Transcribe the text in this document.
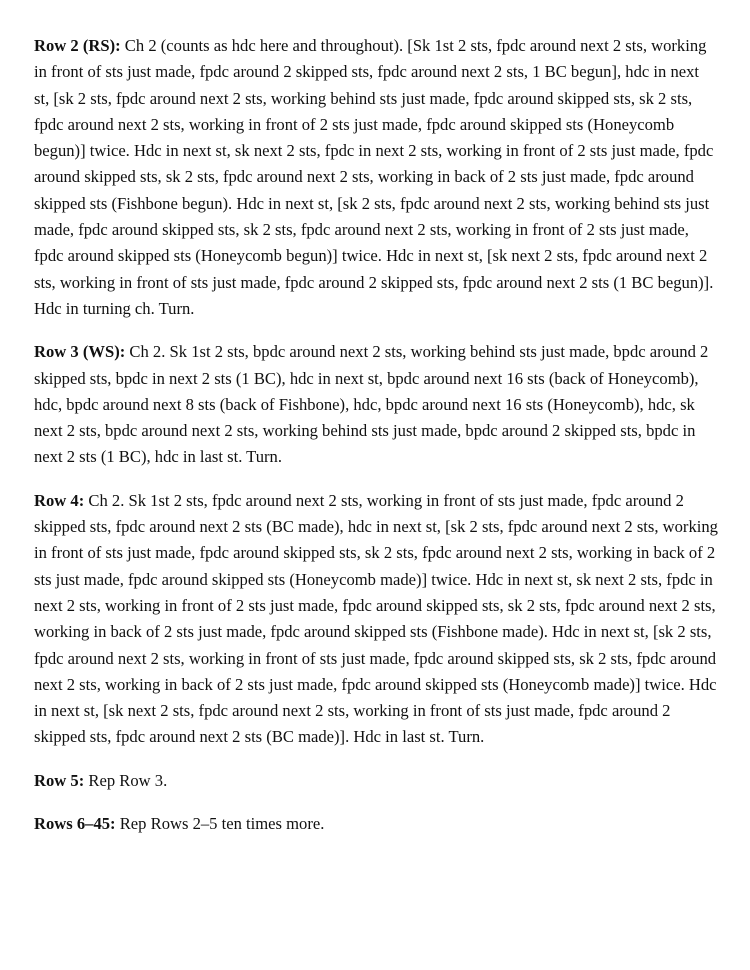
Row 2 (RS): Ch 2 (counts as hdc here and throughout). [Sk 1st 2 sts, fpdc around next 2 sts, working in front of sts just made, fpdc around 2 skipped sts, fpdc around next 2 sts, 1 BC begun], hdc in next st, [sk 2 sts, fpdc around next 2 sts, working behind sts just made, fpdc around skipped sts, sk 2 sts, fpdc around next 2 sts, working in front of 2 sts just made, fpdc around skipped sts (Honeycomb begun)] twice. Hdc in next st, sk next 2 sts, fpdc in next 2 sts, working in front of 2 sts just made, fpdc around skipped sts, sk 2 sts, fpdc around next 2 sts, working in back of 2 sts just made, fpdc around skipped sts (Fishbone begun). Hdc in next st, [sk 2 sts, fpdc around next 2 sts, working behind sts just made, fpdc around skipped sts, sk 2 sts, fpdc around next 2 sts, working in front of 2 sts just made, fpdc around skipped sts (Honeycomb begun)] twice. Hdc in next st, [sk next 2 sts, fpdc around next 2 sts, working in front of sts just made, fpdc around 2 skipped sts, fpdc around next 2 sts (1 BC begun)]. Hdc in turning ch. Turn.

Row 3 (WS): Ch 2. Sk 1st 2 sts, bpdc around next 2 sts, working behind sts just made, bpdc around 2 skipped sts, bpdc in next 2 sts (1 BC), hdc in next st, bpdc around next 16 sts (back of Honeycomb), hdc, bpdc around next 8 sts (back of Fishbone), hdc, bpdc around next 16 sts (Honeycomb), hdc, sk next 2 sts, bpdc around next 2 sts, working behind sts just made, bpdc around 2 skipped sts, bpdc in next 2 sts (1 BC), hdc in last st. Turn.

Row 4: Ch 2. Sk 1st 2 sts, fpdc around next 2 sts, working in front of sts just made, fpdc around 2 skipped sts, fpdc around next 2 sts (BC made), hdc in next st, [sk 2 sts, fpdc around next 2 sts, working in front of sts just made, fpdc around skipped sts, sk 2 sts, fpdc around next 2 sts, working in back of 2 sts just made, fpdc around skipped sts (Honeycomb made)] twice. Hdc in next st, sk next 2 sts, fpdc in next 2 sts, working in front of 2 sts just made, fpdc around skipped sts, sk 2 sts, fpdc around next 2 sts, working in back of 2 sts just made, fpdc around skipped sts (Fishbone made). Hdc in next st, [sk 2 sts, fpdc around next 2 sts, working in front of sts just made, fpdc around skipped sts, sk 2 sts, fpdc around next 2 sts, working in back of 2 sts just made, fpdc around skipped sts (Honeycomb made)] twice. Hdc in next st, [sk next 2 sts, fpdc around next 2 sts, working in front of sts just made, fpdc around 2 skipped sts, fpdc around next 2 sts (BC made)]. Hdc in last st. Turn.

Row 5: Rep Row 3.

Rows 6–45: Rep Rows 2–5 ten times more.
